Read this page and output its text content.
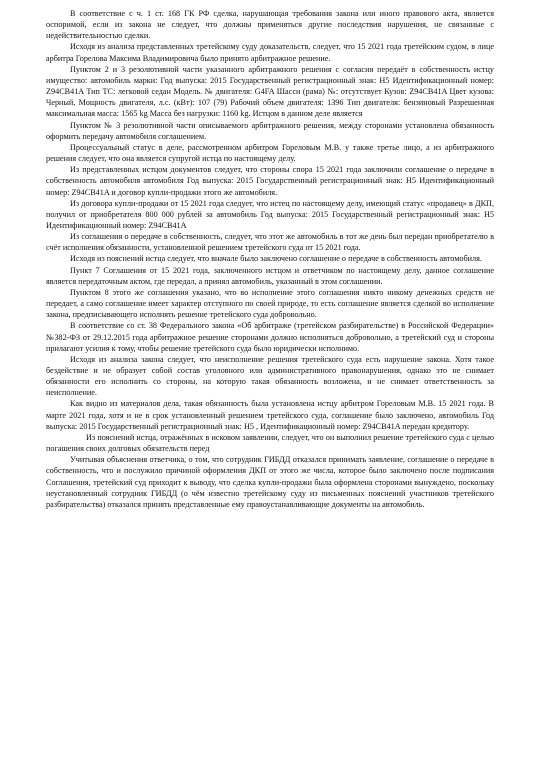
В соответствие с ч. 1 ст. 168 ГК РФ сделка, нарушающая требования закона или иного правового акта, является оспоримой, если из закона не следует, что должны применяться другие последствия нарушения, не связанные с недействительностью сделки.

Исходя из анализа представленных третейскому суду доказательств, следует, что 15 2021 года третейским судом, в лице арбитра Горелова Максима Владимировича было принято арбитражное решение.

Пунктом 2 и 3 резолютивной части указанного арбитражного решения с согласия передаёт в собственность истцу имущество: автомобиль марки: Год выпуска: 2015 Государственный регистрационный знак: Н5 Идентификационный номер: Z94CB41A Тип ТС: легковой седан Модель. № двигателя: G4FA Шасси (рама) №: отсутствует Кузов: Z94CB41A Цвет кузова: Черный, Мощность двигателя, л.с. (кВт): 107 (79) Рабочий объем двигателя: 1396 Тип двигателя: бензиновый Разрешенная максимальная масса: 1565 kg Масса без нагрузки: 1160 kg. Истцом в данном деле является

Пунктом № 3 резолютивной части описываемого арбитражного решения, между сторонами установлена обязанность оформить передачу автомобиля соглашением.

Процессуальный статус в деле, рассмотренном арбитром Гореловым М.В. у также третье лицо, а из арбитражного решения следует, что она является супругой истца по настоящему делу.

Из представленных истцом документов следует, что стороны спора 15 2021 года заключили соглашение о передаче в собственность автомобиля автомобиля Год выпуска: 2015 Государственный регистрационный знак: Н5 Идентификационный номер: Z94CB41A и договор купли-продажи этого же автомобиля.

Из договора купли-продажи от 15 2021 года следует, что истец по настоящему делу, имеющий статус «продавец» в ДКП, получил от приобретателя 800 000 рублей за автомобиль Год выпуска: 2015 Государственный регистрационный знак: Н5 Идентификационный номер: Z94CB41A

Из соглашения о передаче в собственность, следует, что этот же автомобиль в тот же день был передан приобретателю в счёт исполнения обязанности, установленной решением третейского суда от 15 2021 года.

Исходя из пояснений истца следует, что вначале было заключено соглашение о передаче в собственность автомобиля.

Пункт 7 Соглашения от 15 2021 года, заключенного истцом и ответчиком по настоящему делу, данное соглашение является передаточным актом, где передал, а принял автомобиль, указанный в этом соглашении.

Пунктом 8 этого же соглашения указано, что во исполнение этого соглашения никто никому денежных средств не передает, а само соглашение имеет характер отступного по своей природе, то есть соглашение является сделкой во исполнение закона, предписывающего исполнять решение третейского суда добровольно.

В соответствие со ст. 38 Федерального закона «Об арбитраже (третейском разбирательстве) в Российской Федерации» №382-ФЗ от 29.12.2015 года арбитражное решение сторонами должно исполняться добровольно, а третейский суд и стороны прилагают усилия к тому, чтобы решение третейского суда было юридически исполнимо.

Исходя из анализа закона следует, что неисполнение решения третейского суда есть нарушение закона. Хотя такое бездействие и не образует собой состав уголовного или административного правонарушения, однако это не снимает обязанности его исполнить со стороны, на которую такая обязанность возложена, и не снимает ответственность за неисполнение.

Как видно из материалов дела, такая обязанность была установлена истцу арбитром Гореловым М.В. 15 2021 года. В марте 2021 года, хотя и не в срок установленный решением третейского суда, соглашение было заключено, автомобиль Год выпуска: 2015 Государственный регистрационный знак: Н5 , Идентификационный номер: Z94CB41A передан кредитору.

Из пояснений истца, отражённых в исковом заявлении, следует, что он выполнил решение третейского суда с целью погашения своих долговых обязательств перед

Учитывая объяснения ответчика, о том, что сотрудник ГИБДД отказался принимать заявление, соглашение о передаче в собственность, что и послужило причиной оформления ДКП от этого же числа, которое было заключено после подписания Соглашения, третейский суд приходит к выводу, что сделка купли-продажи была оформлена сторонами вынуждено, поскольку неустановленный сотрудник ГИБДД (о чём известно третейскому суду из письменных пояснений участников третейского разбирательства) отказался принять представленные ему правоустанавливающие документы на автомобиль.
